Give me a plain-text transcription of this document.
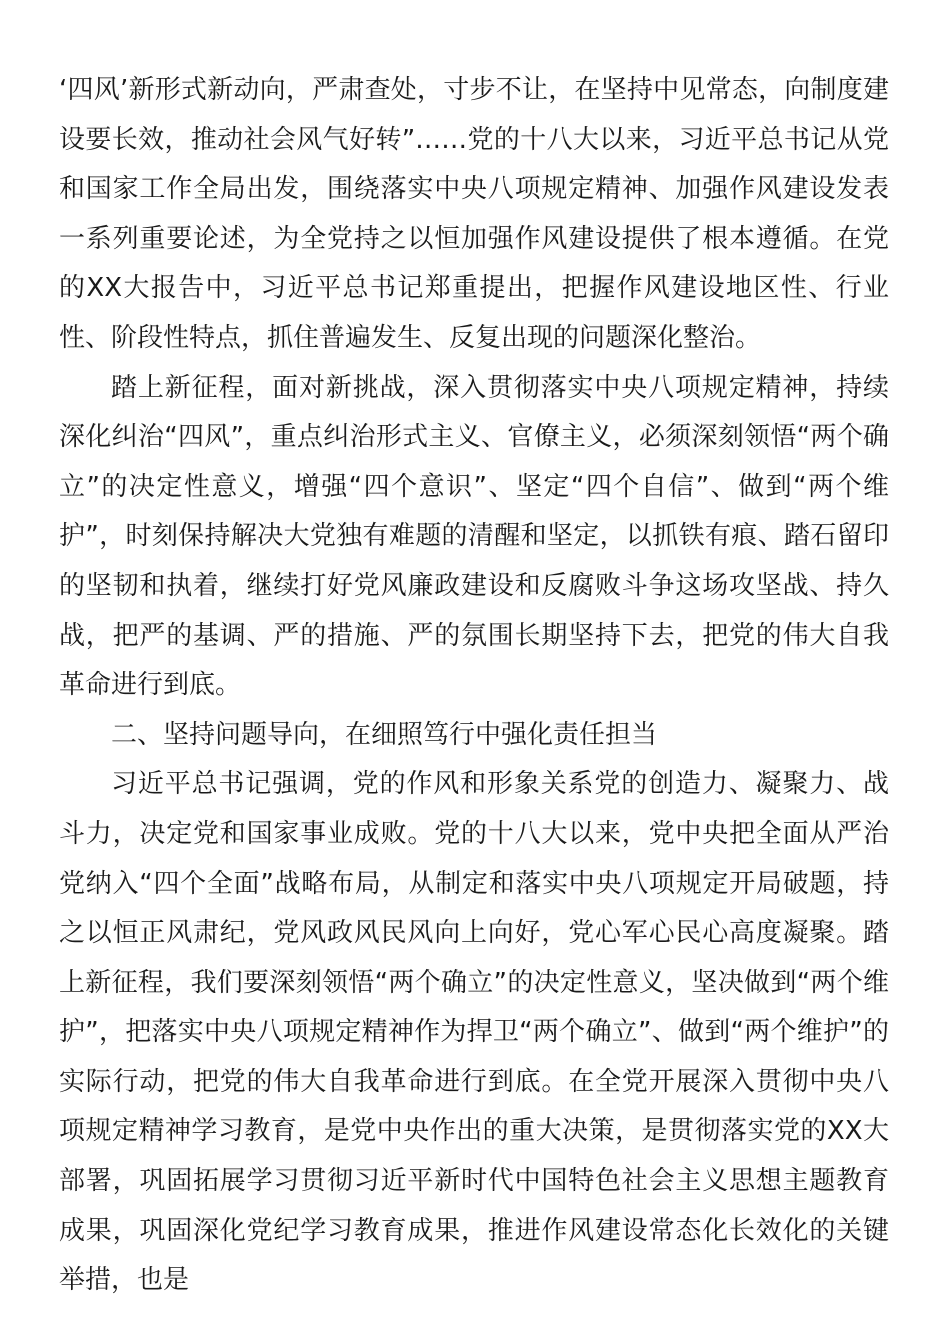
‘四风’新形式新动向，严肃查处，寸步不让，在坚持中见常态，向制度建设要长效，推动社会风气好转”……党的十八大以来，习近平总书记从党和国家工作全局出发，围绕落实中央八项规定精神、加强作风建设发表一系列重要论述，为全党持之以恒加强作风建设提供了根本遵循。在党的XX大报告中，习近平总书记郑重提出，把握作风建设地区性、行业性、阶段性特点，抓住普遍发生、反复出现的问题深化整治。

踏上新征程，面对新挑战，深入贯彻落实中央八项规定精神，持续深化纠治“四风”，重点纠治形式主义、官僚主义，必须深刻领悟“两个确立”的决定性意义，增强“四个意识”、坚定“四个自信”、做到“两个维护”，时刻保持解决大党独有难题的清醒和坚定，以抓铁有痕、踏石留印的坚韧和执着，继续打好党风廉政建设和反腐败斗争这场攻坚战、持久战，把严的基调、严的措施、严的氛围长期坚持下去，把党的伟大自我革命进行到底。

二、坚持问题导向，在细照笃行中强化责任担当

习近平总书记强调，党的作风和形象关系党的创造力、凝聚力、战斗力，决定党和国家事业成败。党的十八大以来，党中央把全面从严治党纳入“四个全面”战略布局，从制定和落实中央八项规定开局破题，持之以恒正风肃纪，党风政风民风向上向好，党心军心民心高度凝聚。踏上新征程，我们要深刻领悟“两个确立”的决定性意义，坚决做到“两个维护”，把落实中央八项规定精神作为捍卫“两个确立”、做到“两个维护”的实际行动，把党的伟大自我革命进行到底。在全党开展深入贯彻中央八项规定精神学习教育，是党中央作出的重大决策，是贯彻落实党的XX大部署，巩固拓展学习贯彻习近平新时代中国特色社会主义思想主题教育成果，巩固深化党纪学习教育成果，推进作风建设常态化长效化的关键举措，也是
